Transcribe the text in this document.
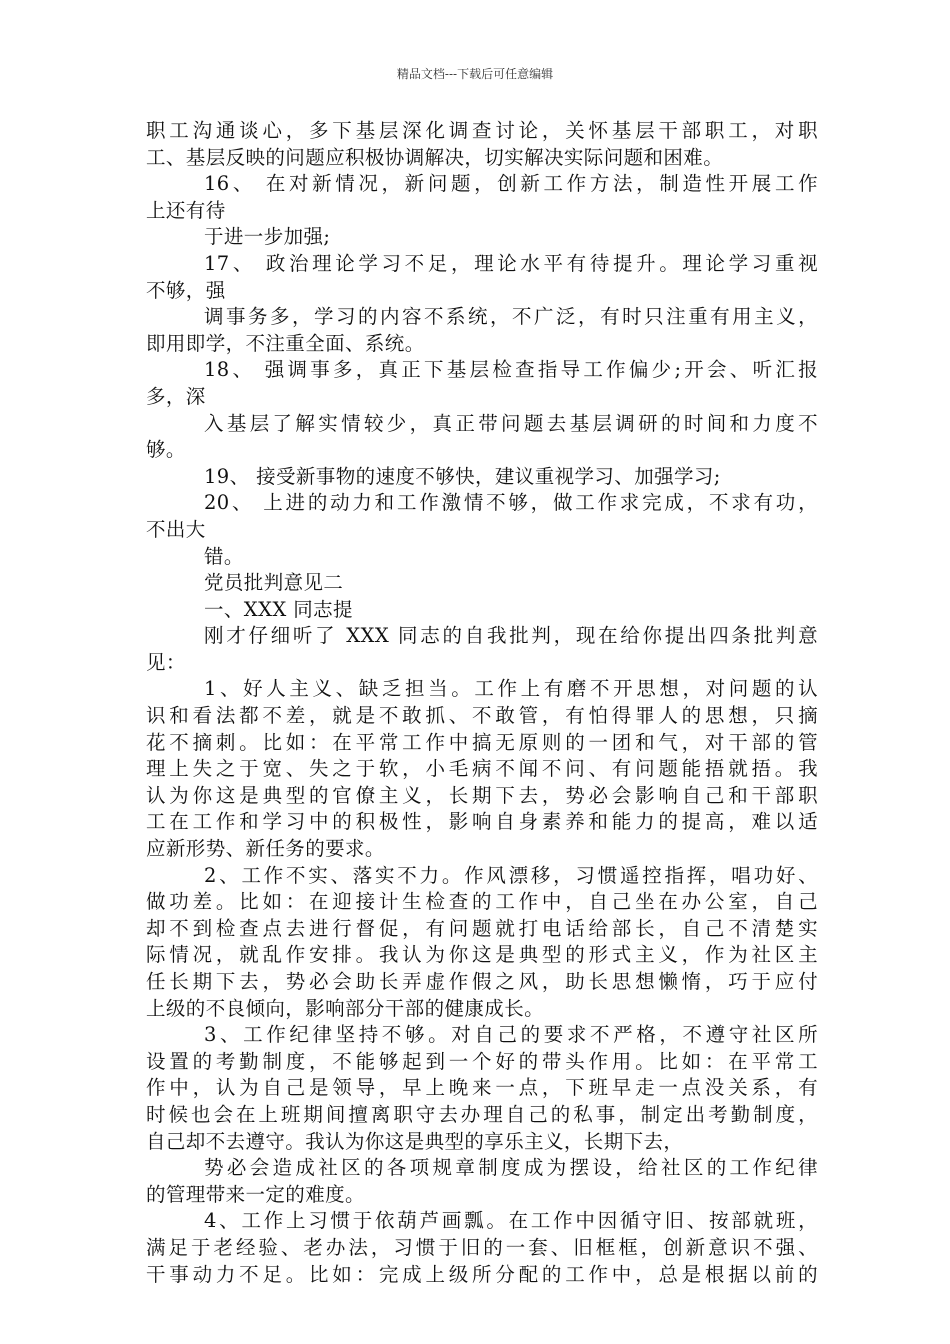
精品文档---下载后可任意编辑
职工沟通谈心，多下基层深化调查讨论，关怀基层干部职工，对职
工、基层反映的问题应积极协调解决，切实解决实际问题和困难。
16、 在对新情况，新问题，创新工作方法，制造性开展工作
上还有待
于进一步加强;
17、 政治理论学习不足，理论水平有待提升。理论学习重视
不够，强
调事务多，学习的内容不系统，不广泛，有时只注重有用主义，
即用即学，不注重全面、系统。
18、 强调事多，真正下基层检查指导工作偏少;开会、听汇报
多，深
入基层了解实情较少，真正带问题去基层调研的时间和力度不
够。
19、 接受新事物的速度不够快，建议重视学习、加强学习;
20、 上进的动力和工作激情不够，做工作求完成，不求有功，
不出大
错。
党员批判意见二
一、XXX 同志提
刚才仔细听了 XXX 同志的自我批判，现在给你提出四条批判意
见：
1、好人主义、缺乏担当。工作上有磨不开思想，对问题的认
识和看法都不差，就是不敢抓、不敢管，有怕得罪人的思想，只摘
花不摘刺。比如：在平常工作中搞无原则的一团和气，对干部的管
理上失之于宽、失之于软，小毛病不闻不问、有问题能捂就捂。我
认为你这是典型的官僚主义，长期下去，势必会影响自己和干部职
工在工作和学习中的积极性，影响自身素养和能力的提高，难以适
应新形势、新任务的要求。
2、工作不实、落实不力。作风漂移，习惯遥控指挥，唱功好、
做功差。比如：在迎接计生检查的工作中，自己坐在办公室，自己
却不到检查点去进行督促，有问题就打电话给部长，自己不清楚实
际情况，就乱作安排。我认为你这是典型的形式主义，作为社区主
任长期下去，势必会助长弄虚作假之风，助长思想懒惰，巧于应付
上级的不良倾向，影响部分干部的健康成长。
3、工作纪律坚持不够。对自己的要求不严格，不遵守社区所
设置的考勤制度，不能够起到一个好的带头作用。比如：在平常工
作中，认为自己是领导，早上晚来一点，下班早走一点没关系，有
时候也会在上班期间擅离职守去办理自己的私事，制定出考勤制度，
自己却不去遵守。我认为你这是典型的享乐主义，长期下去，
势必会造成社区的各项规章制度成为摆设，给社区的工作纪律
的管理带来一定的难度。
4、工作上习惯于依葫芦画瓢。在工作中因循守旧、按部就班，
满足于老经验、老办法，习惯于旧的一套、旧框框，创新意识不强、
干事动力不足。比如：完成上级所分配的工作中，总是根据以前的
